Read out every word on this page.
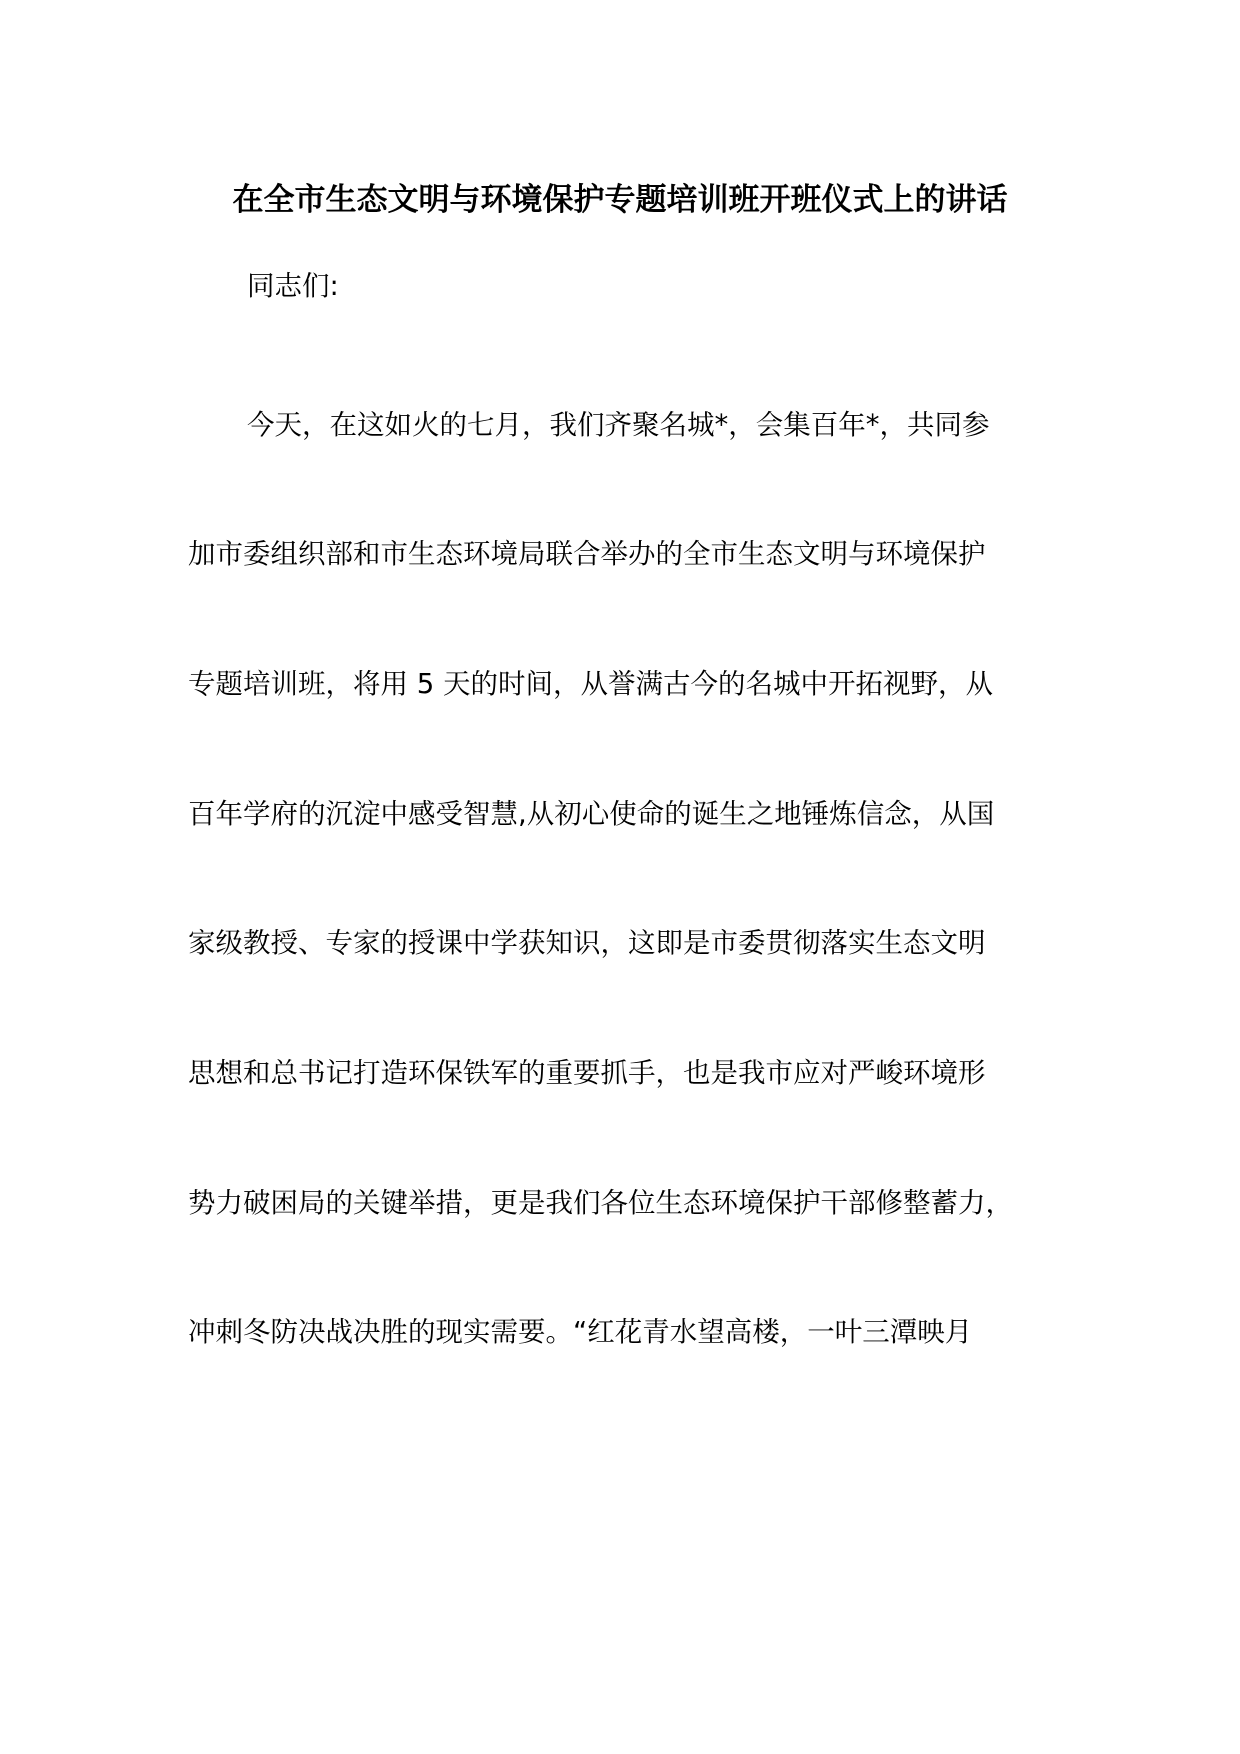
在全市生态文明与环境保护专题培训班开班仪式上的讲话
同志们:
今天，在这如火的七月，我们齐聚名城*，会集百年*，共同参
加市委组织部和市生态环境局联合举办的全市生态文明与环境保护
专题培训班，将用 5 天的时间，从誉满古今的名城中开拓视野，从
百年学府的沉淀中感受智慧,从初心使命的诞生之地锤炼信念，从国
家级教授、专家的授课中学获知识，这即是市委贯彻落实生态文明
思想和总书记打造环保铁军的重要抓手，也是我市应对严峻环境形
势力破困局的关键举措，更是我们各位生态环境保护干部修整蓄力，
冲刺冬防决战决胜的现实需要。“红花青水望高楼，一叶三潭映月
